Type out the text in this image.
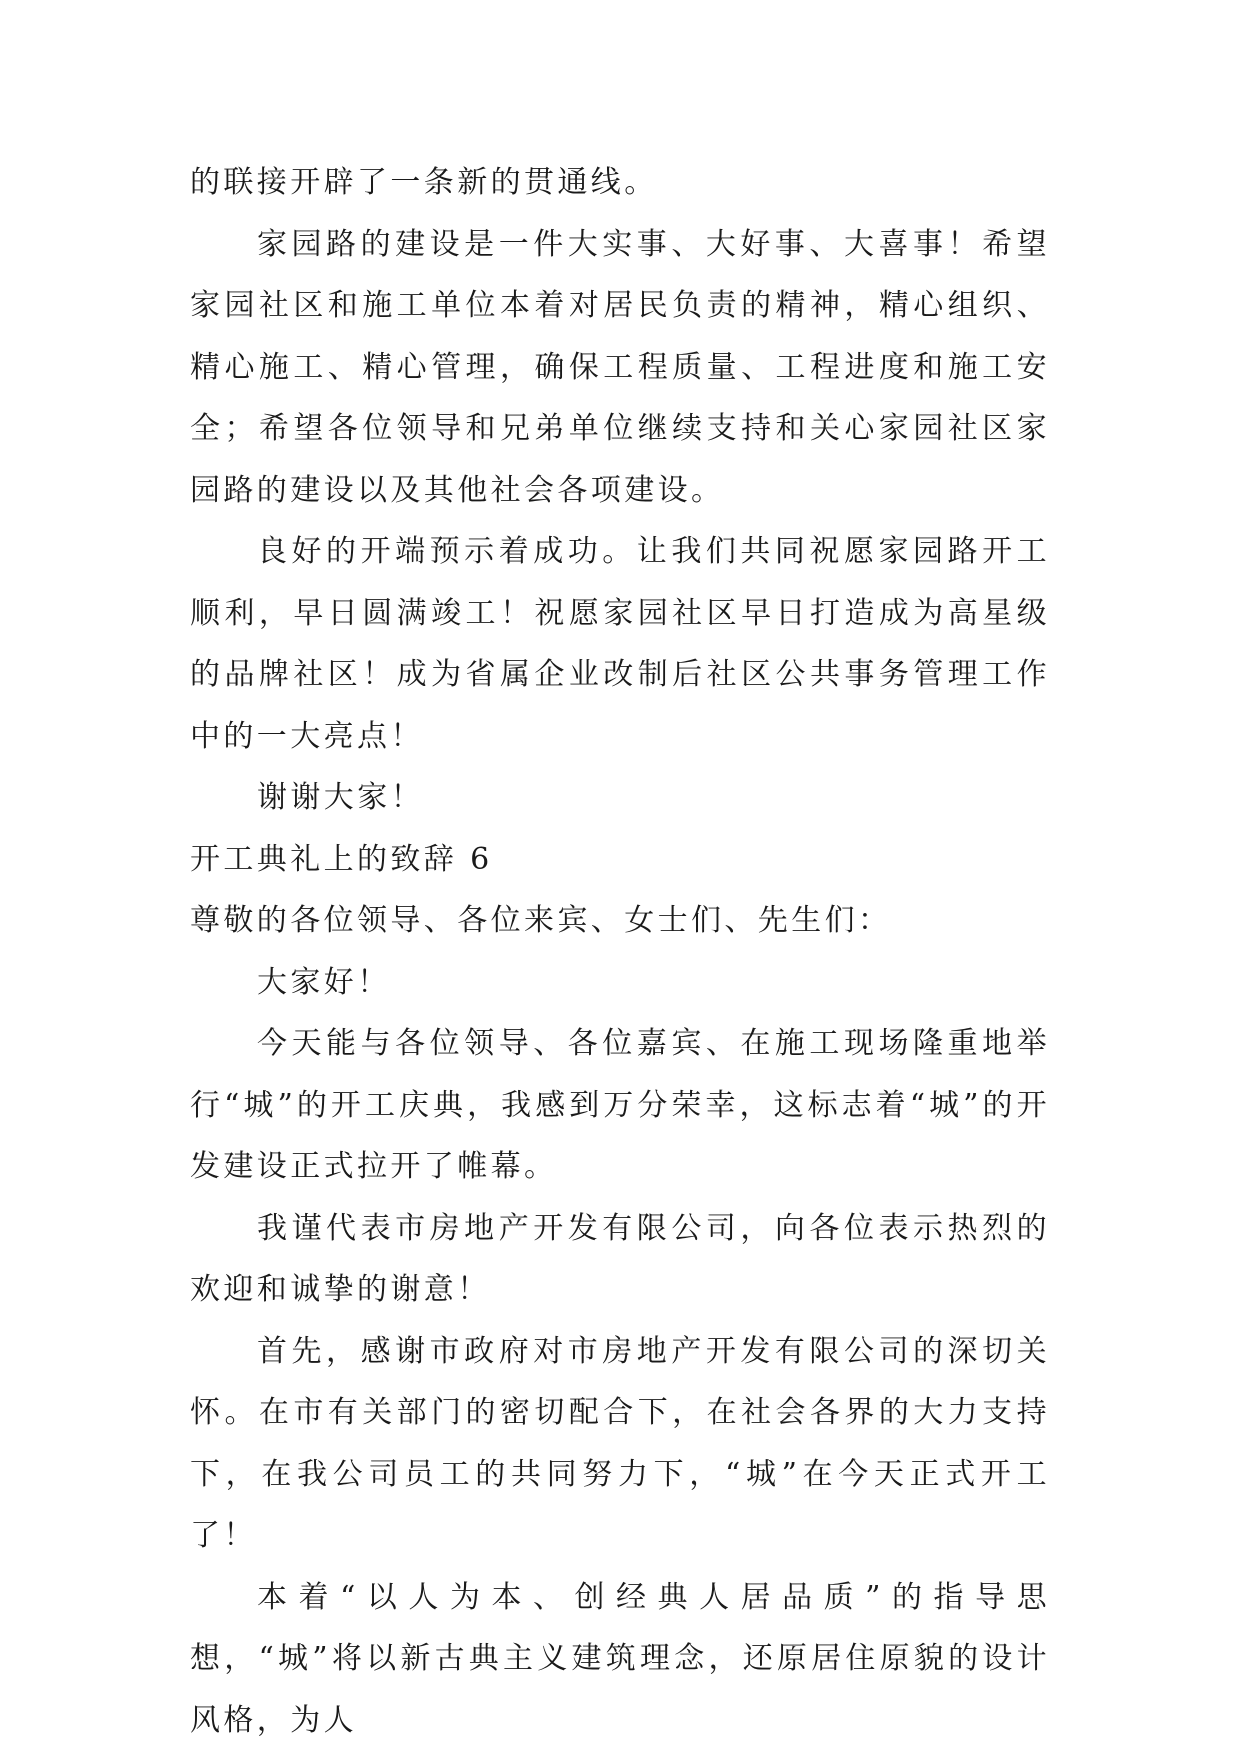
的联接开辟了一条新的贯通线。

家园路的建设是一件大实事、大好事、大喜事！希望家园社区和施工单位本着对居民负责的精神，精心组织、精心施工、精心管理，确保工程质量、工程进度和施工安全；希望各位领导和兄弟单位继续支持和关心家园社区家园路的建设以及其他社会各项建设。

良好的开端预示着成功。让我们共同祝愿家园路开工顺利，早日圆满竣工！祝愿家园社区早日打造成为高星级的品牌社区！成为省属企业改制后社区公共事务管理工作中的一大亮点！

谢谢大家！

开工典礼上的致辞 6

尊敬的各位领导、各位来宾、女士们、先生们：

大家好！

今天能与各位领导、各位嘉宾、在施工现场隆重地举行“城”的开工庆典，我感到万分荣幸，这标志着“城”的开发建设正式拉开了帷幕。

我谨代表市房地产开发有限公司，向各位表示热烈的欢迎和诚挚的谢意！

首先，感谢市政府对市房地产开发有限公司的深切关怀。在市有关部门的密切配合下，在社会各界的大力支持下，在我公司员工的共同努力下，“城”在今天正式开工了！

本着“以人为本、创经典人居品质”的指导思想，“城”将以新古典主义建筑理念，还原居住原貌的设计风格，为人
